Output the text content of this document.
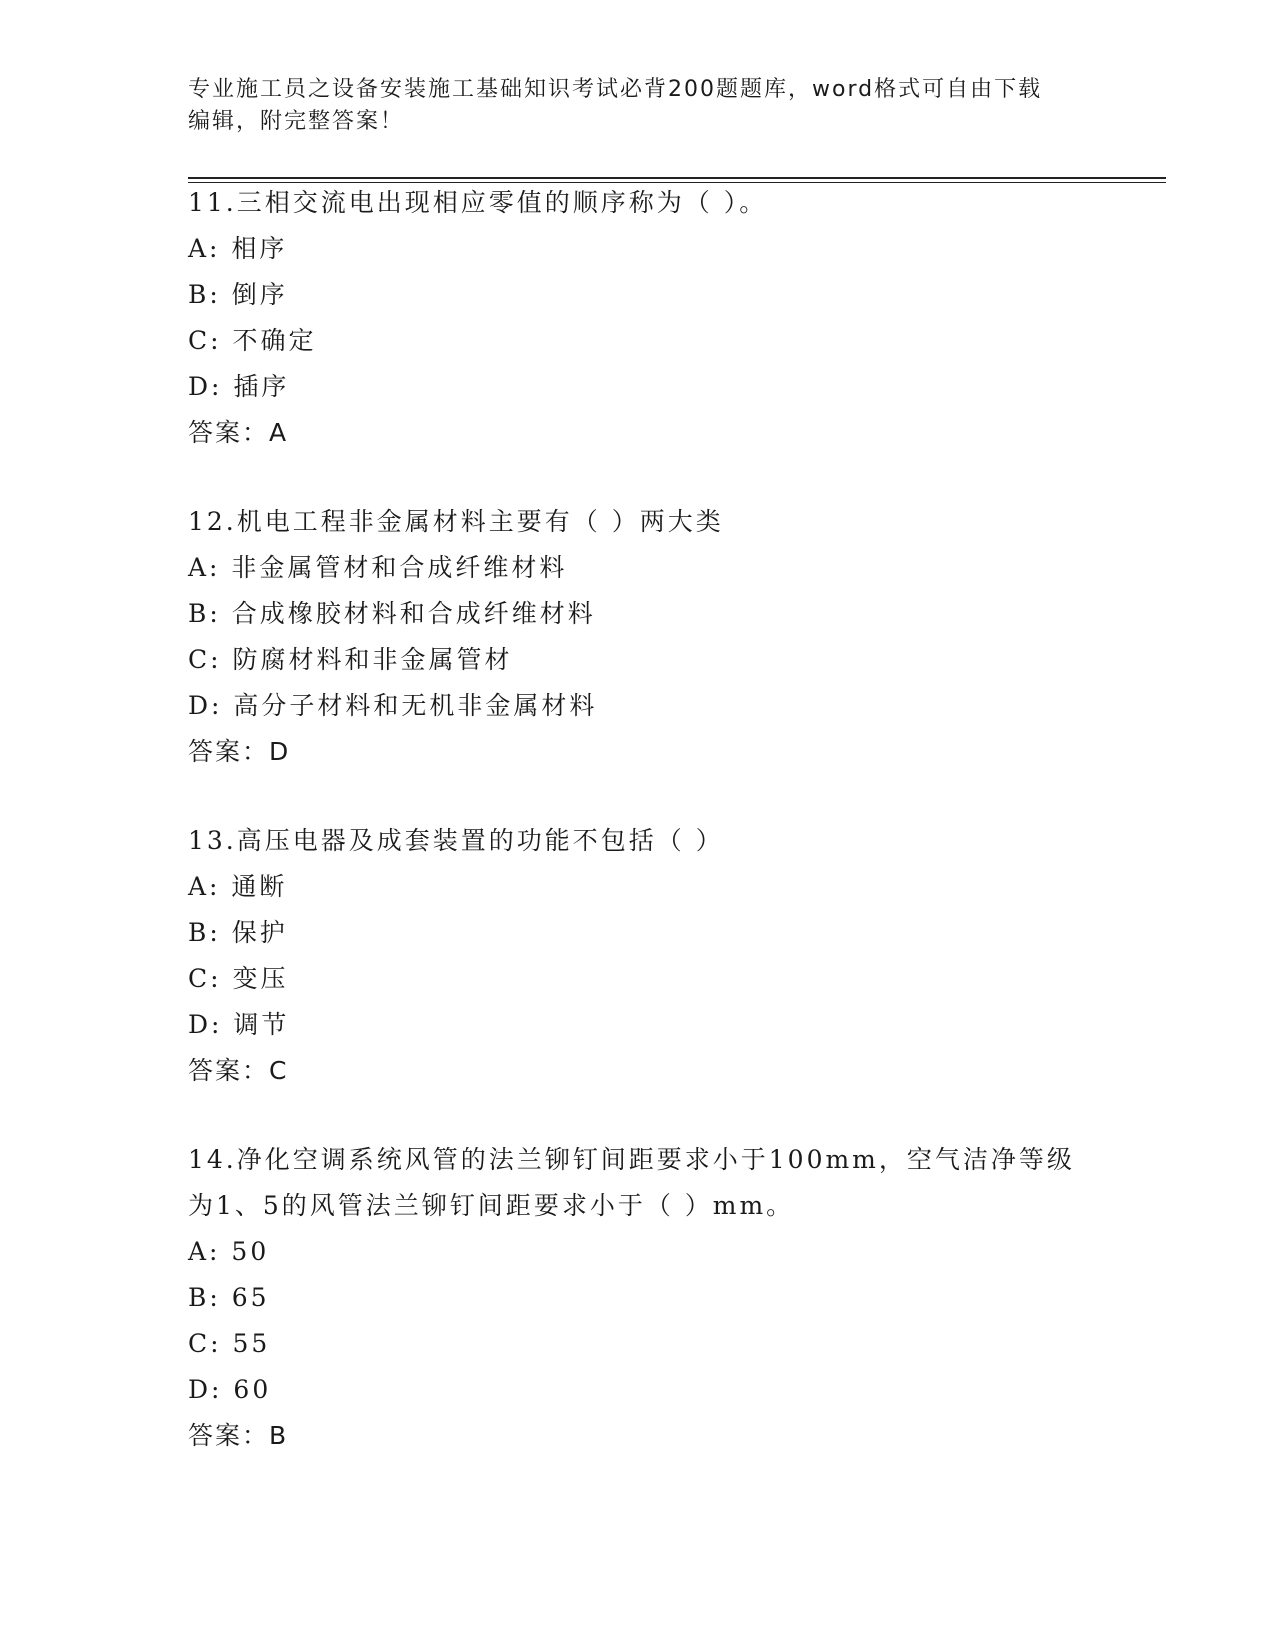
专业施工员之设备安装施工基础知识考试必背200题题库，word格式可自由下载
编辑，附完整答案！
11.三相交流电出现相应零值的顺序称为（ ）。
A: 相序
B: 倒序
C: 不确定
D: 插序
答案：A
12.机电工程非金属材料主要有（ ）两大类
A: 非金属管材和合成纤维材料
B: 合成橡胶材料和合成纤维材料
C: 防腐材料和非金属管材
D: 高分子材料和无机非金属材料
答案：D
13.高压电器及成套装置的功能不包括（ ）
A: 通断
B: 保护
C: 变压
D: 调节
答案：C
14.净化空调系统风管的法兰铆钉间距要求小于100mm，空气洁净等级
为1、5的风管法兰铆钉间距要求小于（ ）mm。
A: 50
B: 65
C: 55
D: 60
答案：B
